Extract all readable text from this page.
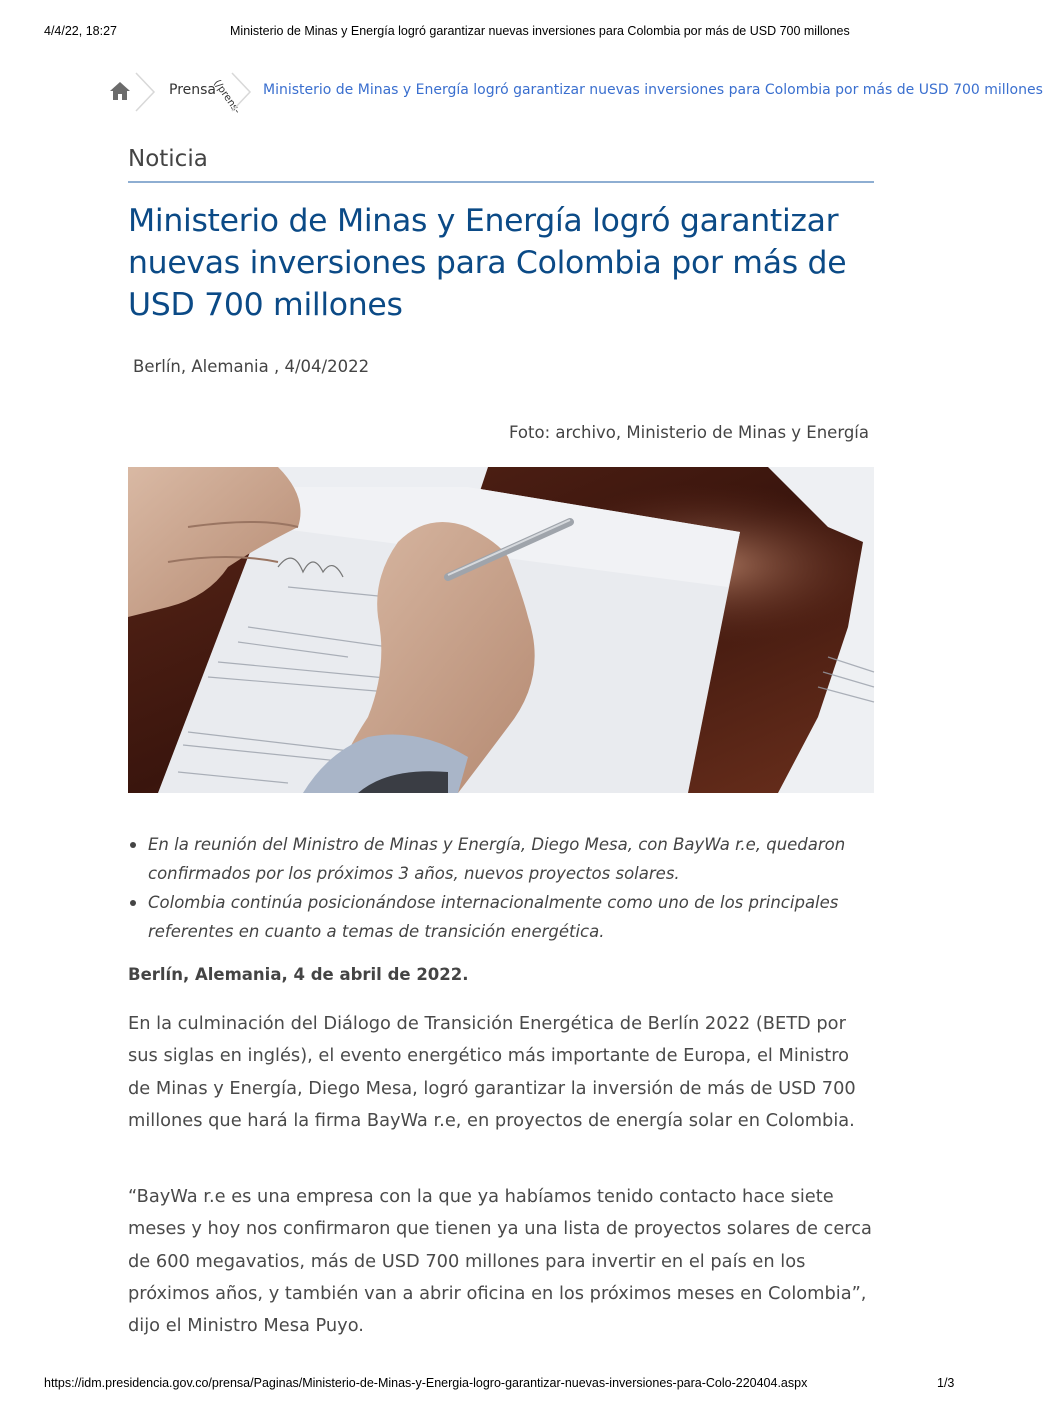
4/4/22, 18:27	Ministerio de Minas y Energía logró garantizar nuevas inversiones para Colombia por más de USD 700 millones
Prensa
(/prens- Ministerio de Minas y Energía logró garantizar nuevas inversiones para Colombia por más de USD 700 millones
Noticia
Ministerio de Minas y Energía logró garantizar nuevas inversiones para Colombia por más de USD 700 millones
Berlín, Alemania , 4/04/2022
Foto: archivo, Ministerio de Minas y Energía
En la reunión del Ministro de Minas y Energía, Diego Mesa, con BayWa r.e, quedaron confirmados por los próximos 3 años, nuevos proyectos solares.
Colombia continúa posicionándose internacionalmente como uno de los principales referentes en cuanto a temas de transición energética.

Berlín, Alemania, 4 de abril de 2022.

En la culminación del Diálogo de Transición Energética de Berlín 2022 (BETD por sus siglas en inglés), el evento energético más importante de Europa, el Ministro de Minas y Energía, Diego Mesa, logró garantizar la inversión de más de USD 700 millones que hará la firma BayWa r.e, en proyectos de energía solar en Colombia.

“BayWa r.e es una empresa con la que ya habíamos tenido contacto hace siete meses y hoy nos confirmaron que tienen ya una lista de proyectos solares de cerca de 600 megavatios, más de USD 700 millones para invertir en el país en los próximos años, y también van a abrir oficina en los próximos meses en Colombia”, dijo el Ministro Mesa Puyo.

https://idm.presidencia.gov.co/prensa/Paginas/Ministerio-de-Minas-y-Energia-logro-garantizar-nuevas-inversiones-para-Colo-220404.aspx	1/3
